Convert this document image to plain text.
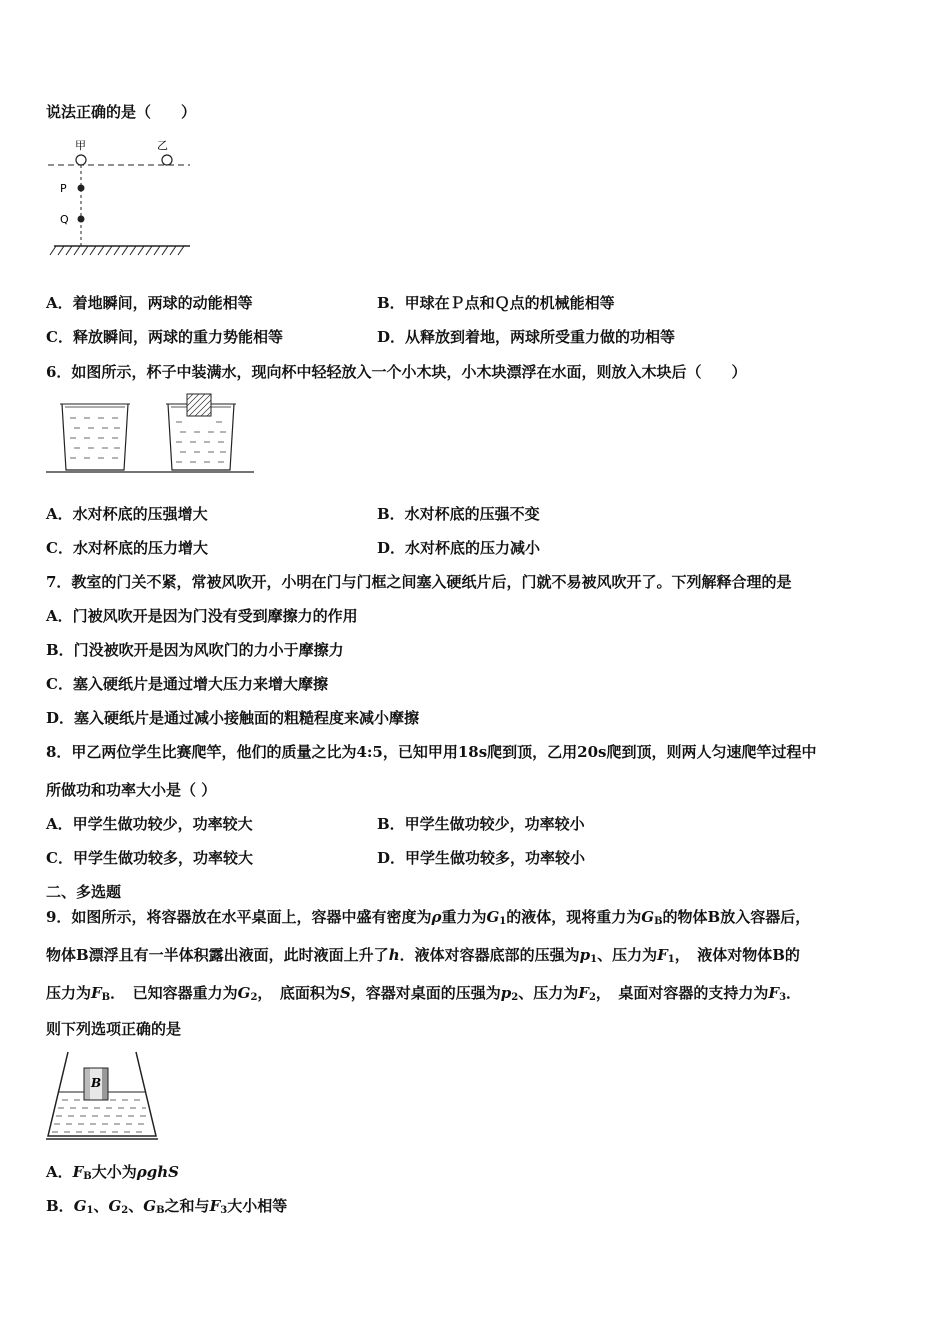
说法正确的是（　　）
甲	乙
P
Q
A．着地瞬间，两球的动能相等	B．甲球在Ｐ点和Ｑ点的机械能相等
C．释放瞬间，两球的重力势能相等	D．从释放到着地，两球所受重力做的功相等
6．如图所示，杯子中装满水，现向杯中轻轻放入一个小木块，小木块漂浮在水面，则放入木块后（　　）
A．水对杯底的压强增大	B．水对杯底的压强不变
C．水对杯底的压力增大	D．水对杯底的压力减小
7．教室的门关不紧，常被风吹开，小明在门与门框之间塞入硬纸片后，门就不易被风吹开了。下列解释合理的是
A．门被风吹开是因为门没有受到摩擦力的作用
B．门没被吹开是因为风吹门的力小于摩擦力
C．塞入硬纸片是通过增大压力来增大摩擦
D．塞入硬纸片是通过减小接触面的粗糙程度来减小摩擦
8．甲乙两位学生比赛爬竿，他们的质量之比为4:5，已知甲用18s爬到顶，乙用20s爬到顶，则两人匀速爬竿过程中
所做功和功率大小是（ ）
A．甲学生做功较少，功率较大	B．甲学生做功较少，功率较小
C．甲学生做功较多，功率较大	D．甲学生做功较多，功率较小
二、多选题
9．如图所示，将容器放在水平桌面上，容器中盛有密度为ρ重力为$G_1$的液体，现将重力为$G_B$的物体B放入容器后，
物体B漂浮且有一半体积露出液面，此时液面上升了h．液体对容器底部的压强为$p_1$、压力为$F_1$，　液体对物体B的
压力为$F_B$．　已知容器重力为$G_2$，　底面积为S，容器对桌面的压强为$p_2$、压力为$F_2$，　桌面对容器的支持力为$F_3$．
则下列选项正确的是
B
A．$F_B$大小为ρghS
B．$G_1$、$G_2$、$G_B$之和与$F_3$大小相等
